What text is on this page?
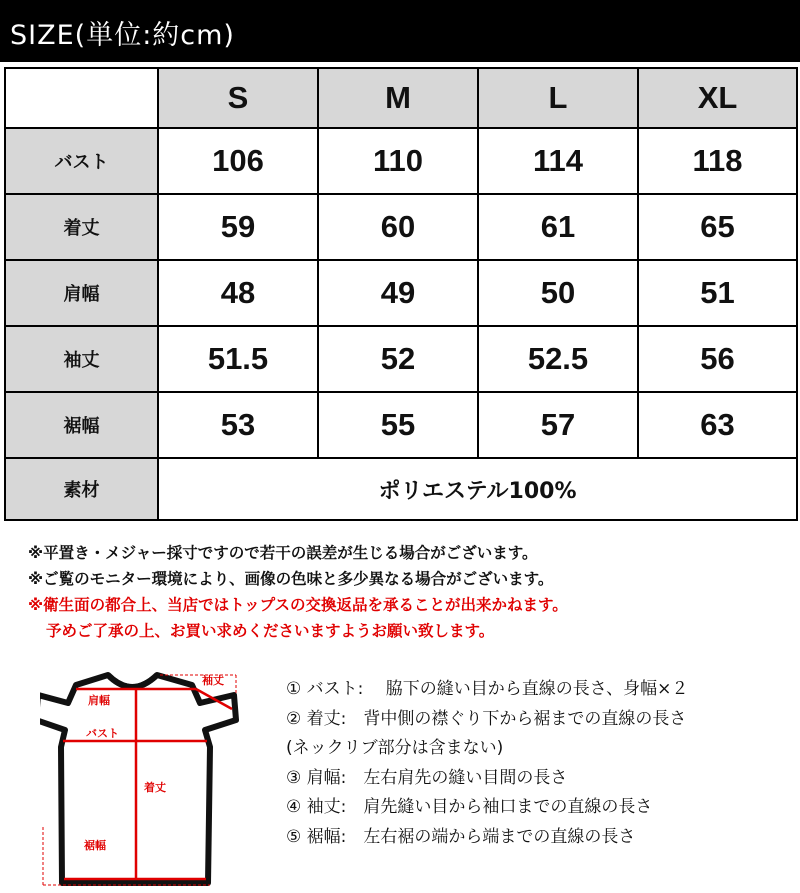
SIZE(単位:約cm)
	S	M	L	XL
バスト	106	110	114	118
着丈	59	60	61	65
肩幅	48	49	50	51
袖丈	51.5	52	52.5	56
裾幅	53	55	57	63
素材	ポリエステル100%			
※平置き・メジャー採寸ですので若干の誤差が生じる場合がございます。
※ご覧のモニター環境により、画像の色味と多少異なる場合がございます。
※衛生面の都合上、当店ではトップスの交換返品を承ることが出来かねます。
予めご了承の上、お買い求めくださいますようお願い致します。
肩幅
袖丈
バスト
着丈
裾幅
① バスト:　 脇下の縫い目から直線の長さ、身幅×２
② 着丈:　背中側の襟ぐり下から裾までの直線の長さ
(ネックリブ部分は含まない)
③ 肩幅:　左右肩先の縫い目間の長さ
④ 袖丈:　肩先縫い目から袖口までの直線の長さ
⑤ 裾幅:　左右裾の端から端までの直線の長さ
